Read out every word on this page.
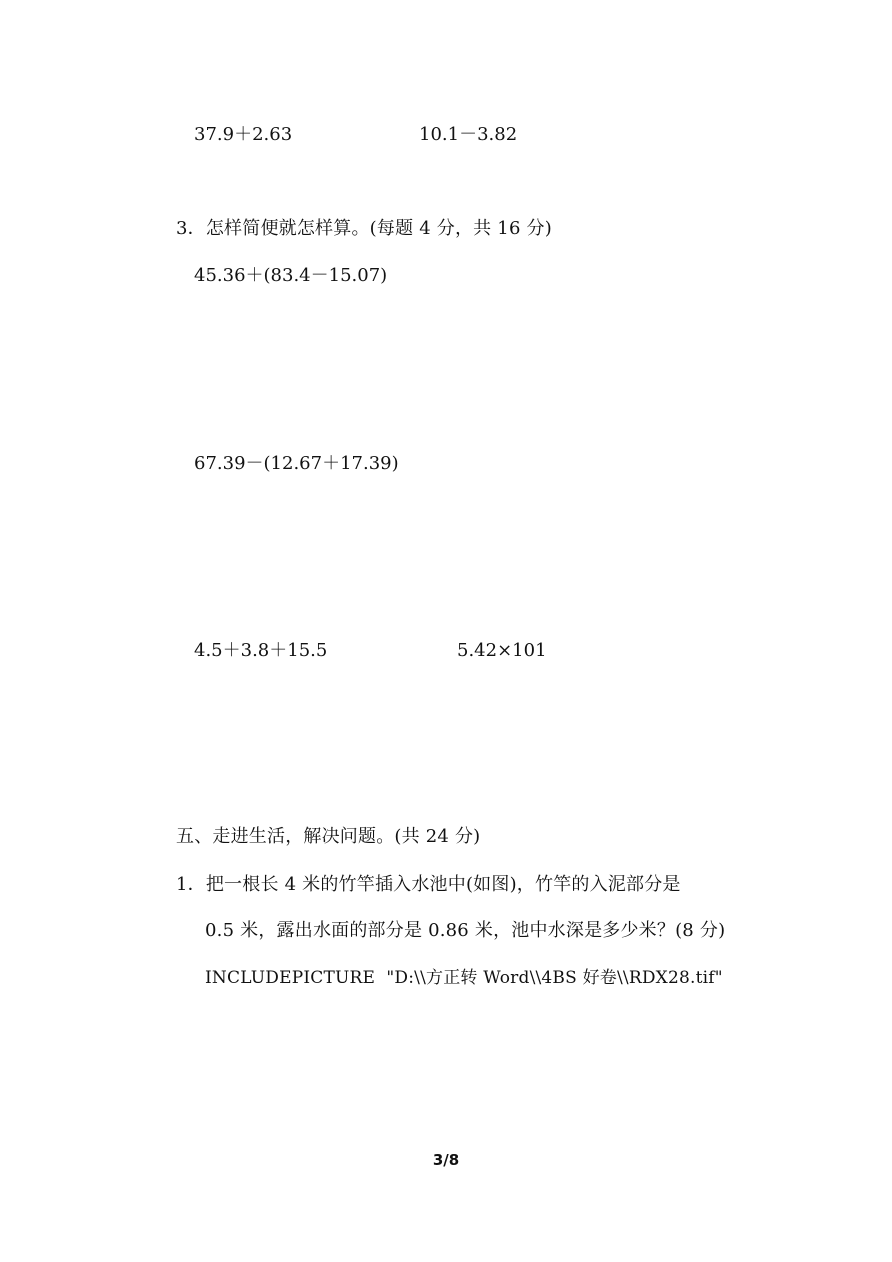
37.9＋2.63	10.1－3.82
3．怎样简便就怎样算。(每题 4 分，共 16 分)
45.36＋(83.4－15.07)
67.39－(12.67＋17.39)
4.5＋3.8＋15.5	5.42×101
五、走进生活，解决问题。(共 24 分)
1．把一根长 4 米的竹竿插入水池中(如图)，竹竿的入泥部分是
0.5 米，露出水面的部分是 0.86 米，池中水深是多少米？(8 分)
INCLUDEPICTURE  "D:\\方正转 Word\\4BS 好卷\\RDX28.tif"
3/8
